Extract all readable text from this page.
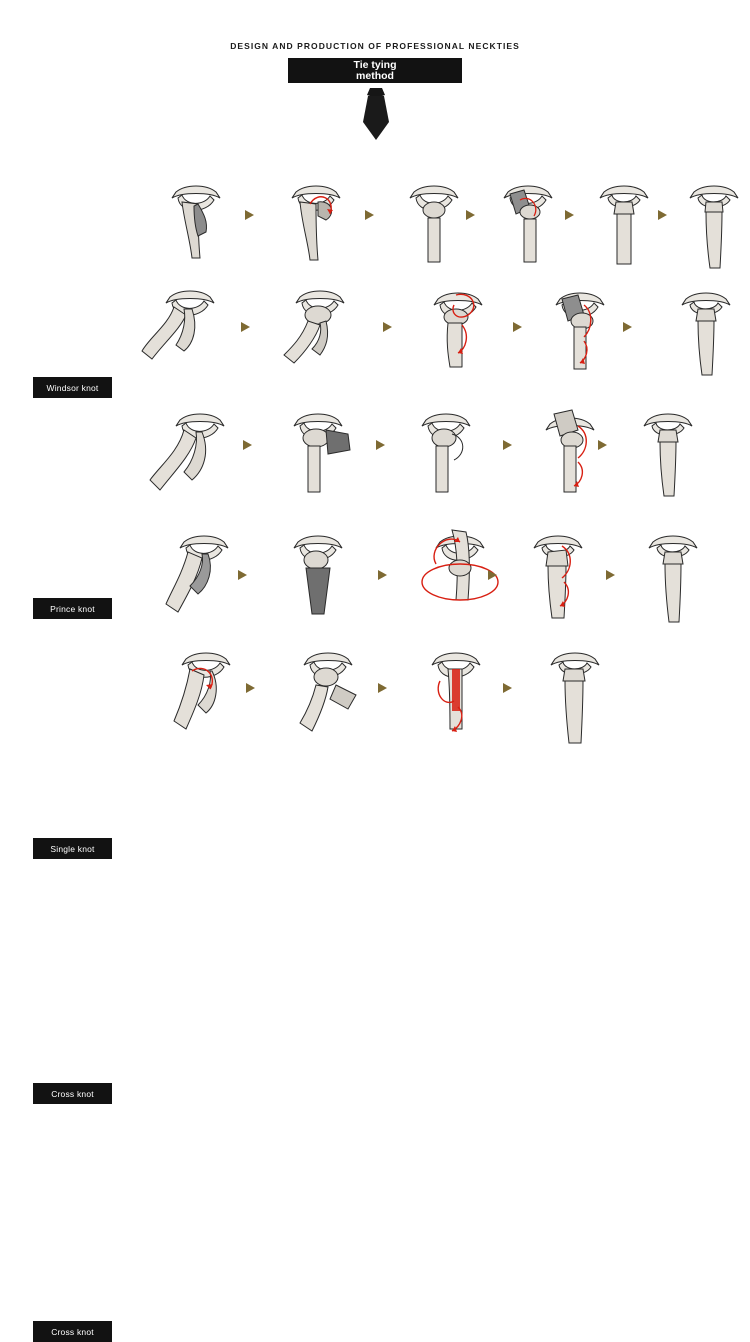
DESIGN AND PRODUCTION OF PROFESSIONAL NECKTIES
Tie tying
method
Windsor knot
Prince knot
Single knot
Cross knot
Cross knot
